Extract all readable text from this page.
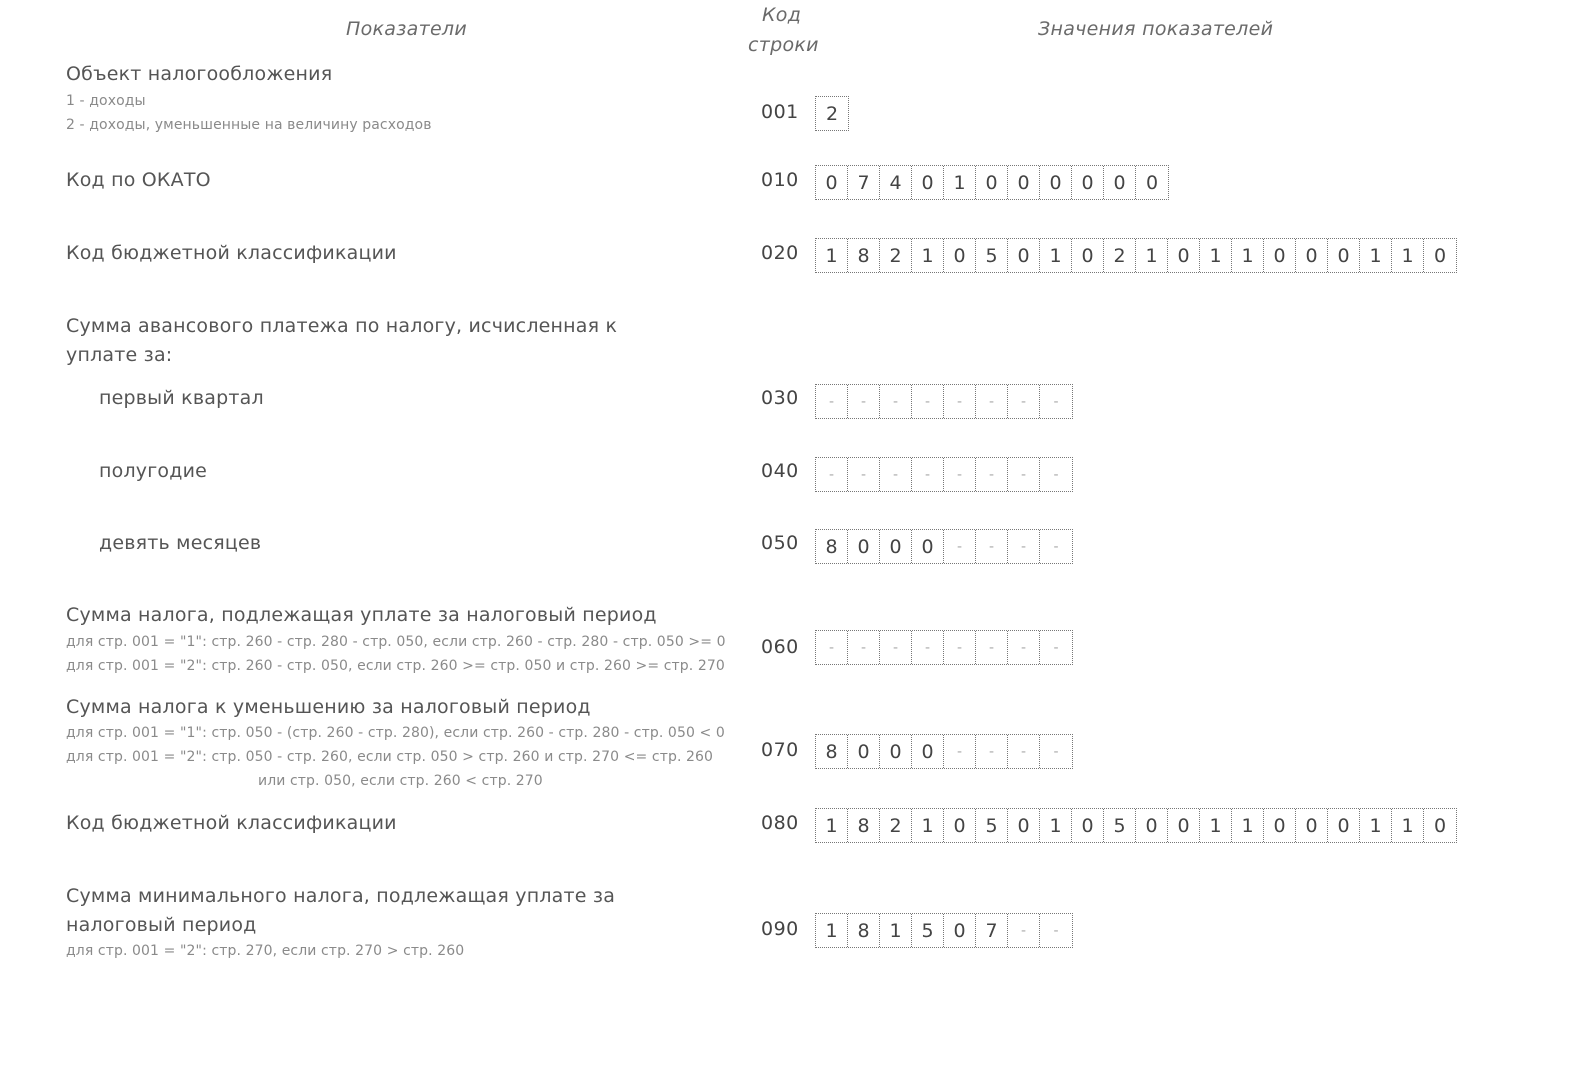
Показатели
Код
строки
Значения показателей
Объект налогообложения
1 - доходы
2 - доходы, уменьшенные на величину расходов
001	2
Код по ОКАТО	010	0	7	4	0	1	0	0	0	0	0	0
Код бюджетной классификации	020	1	8	2	1	0	5	0	1	0	2	1	0	1	1	0	0	0	1	1	0
Сумма авансового платежа по налогу, исчисленная к
уплате за:
первый квартал	030	-	-	-	-	-	-	-	-
полугодие	040	-	-	-	-	-	-	-	-
девять месяцев	050	8	0	0	0	-	-	-	-
Сумма налога, подлежащая уплате за налоговый период
для стр. 001 = "1": стр. 260 - стр. 280 - стр. 050, если стр. 260 - стр. 280 - стр. 050 >= 0
для стр. 001 = "2": стр. 260 - стр. 050, если стр. 260 >= стр. 050 и стр. 260 >= стр. 270
060	-	-	-	-	-	-	-	-
Сумма налога к уменьшению за налоговый период
для стр. 001 = "1": стр. 050 - (стр. 260 - стр. 280), если стр. 260 - стр. 280 - стр. 050 < 0
для стр. 001 = "2": стр. 050 - стр. 260, если стр. 050 > стр. 260 и стр. 270 <= стр. 260
или стр. 050, если стр. 260 < стр. 270
070	8	0	0	0	-	-	-	-
Код бюджетной классификации	080	1	8	2	1	0	5	0	1	0	5	0	0	1	1	0	0	0	1	1	0
Сумма минимального налога, подлежащая уплате за
налоговый период
для стр. 001 = "2": стр. 270, если стр. 270 > стр. 260
090	1	8	1	5	0	7	-	-
